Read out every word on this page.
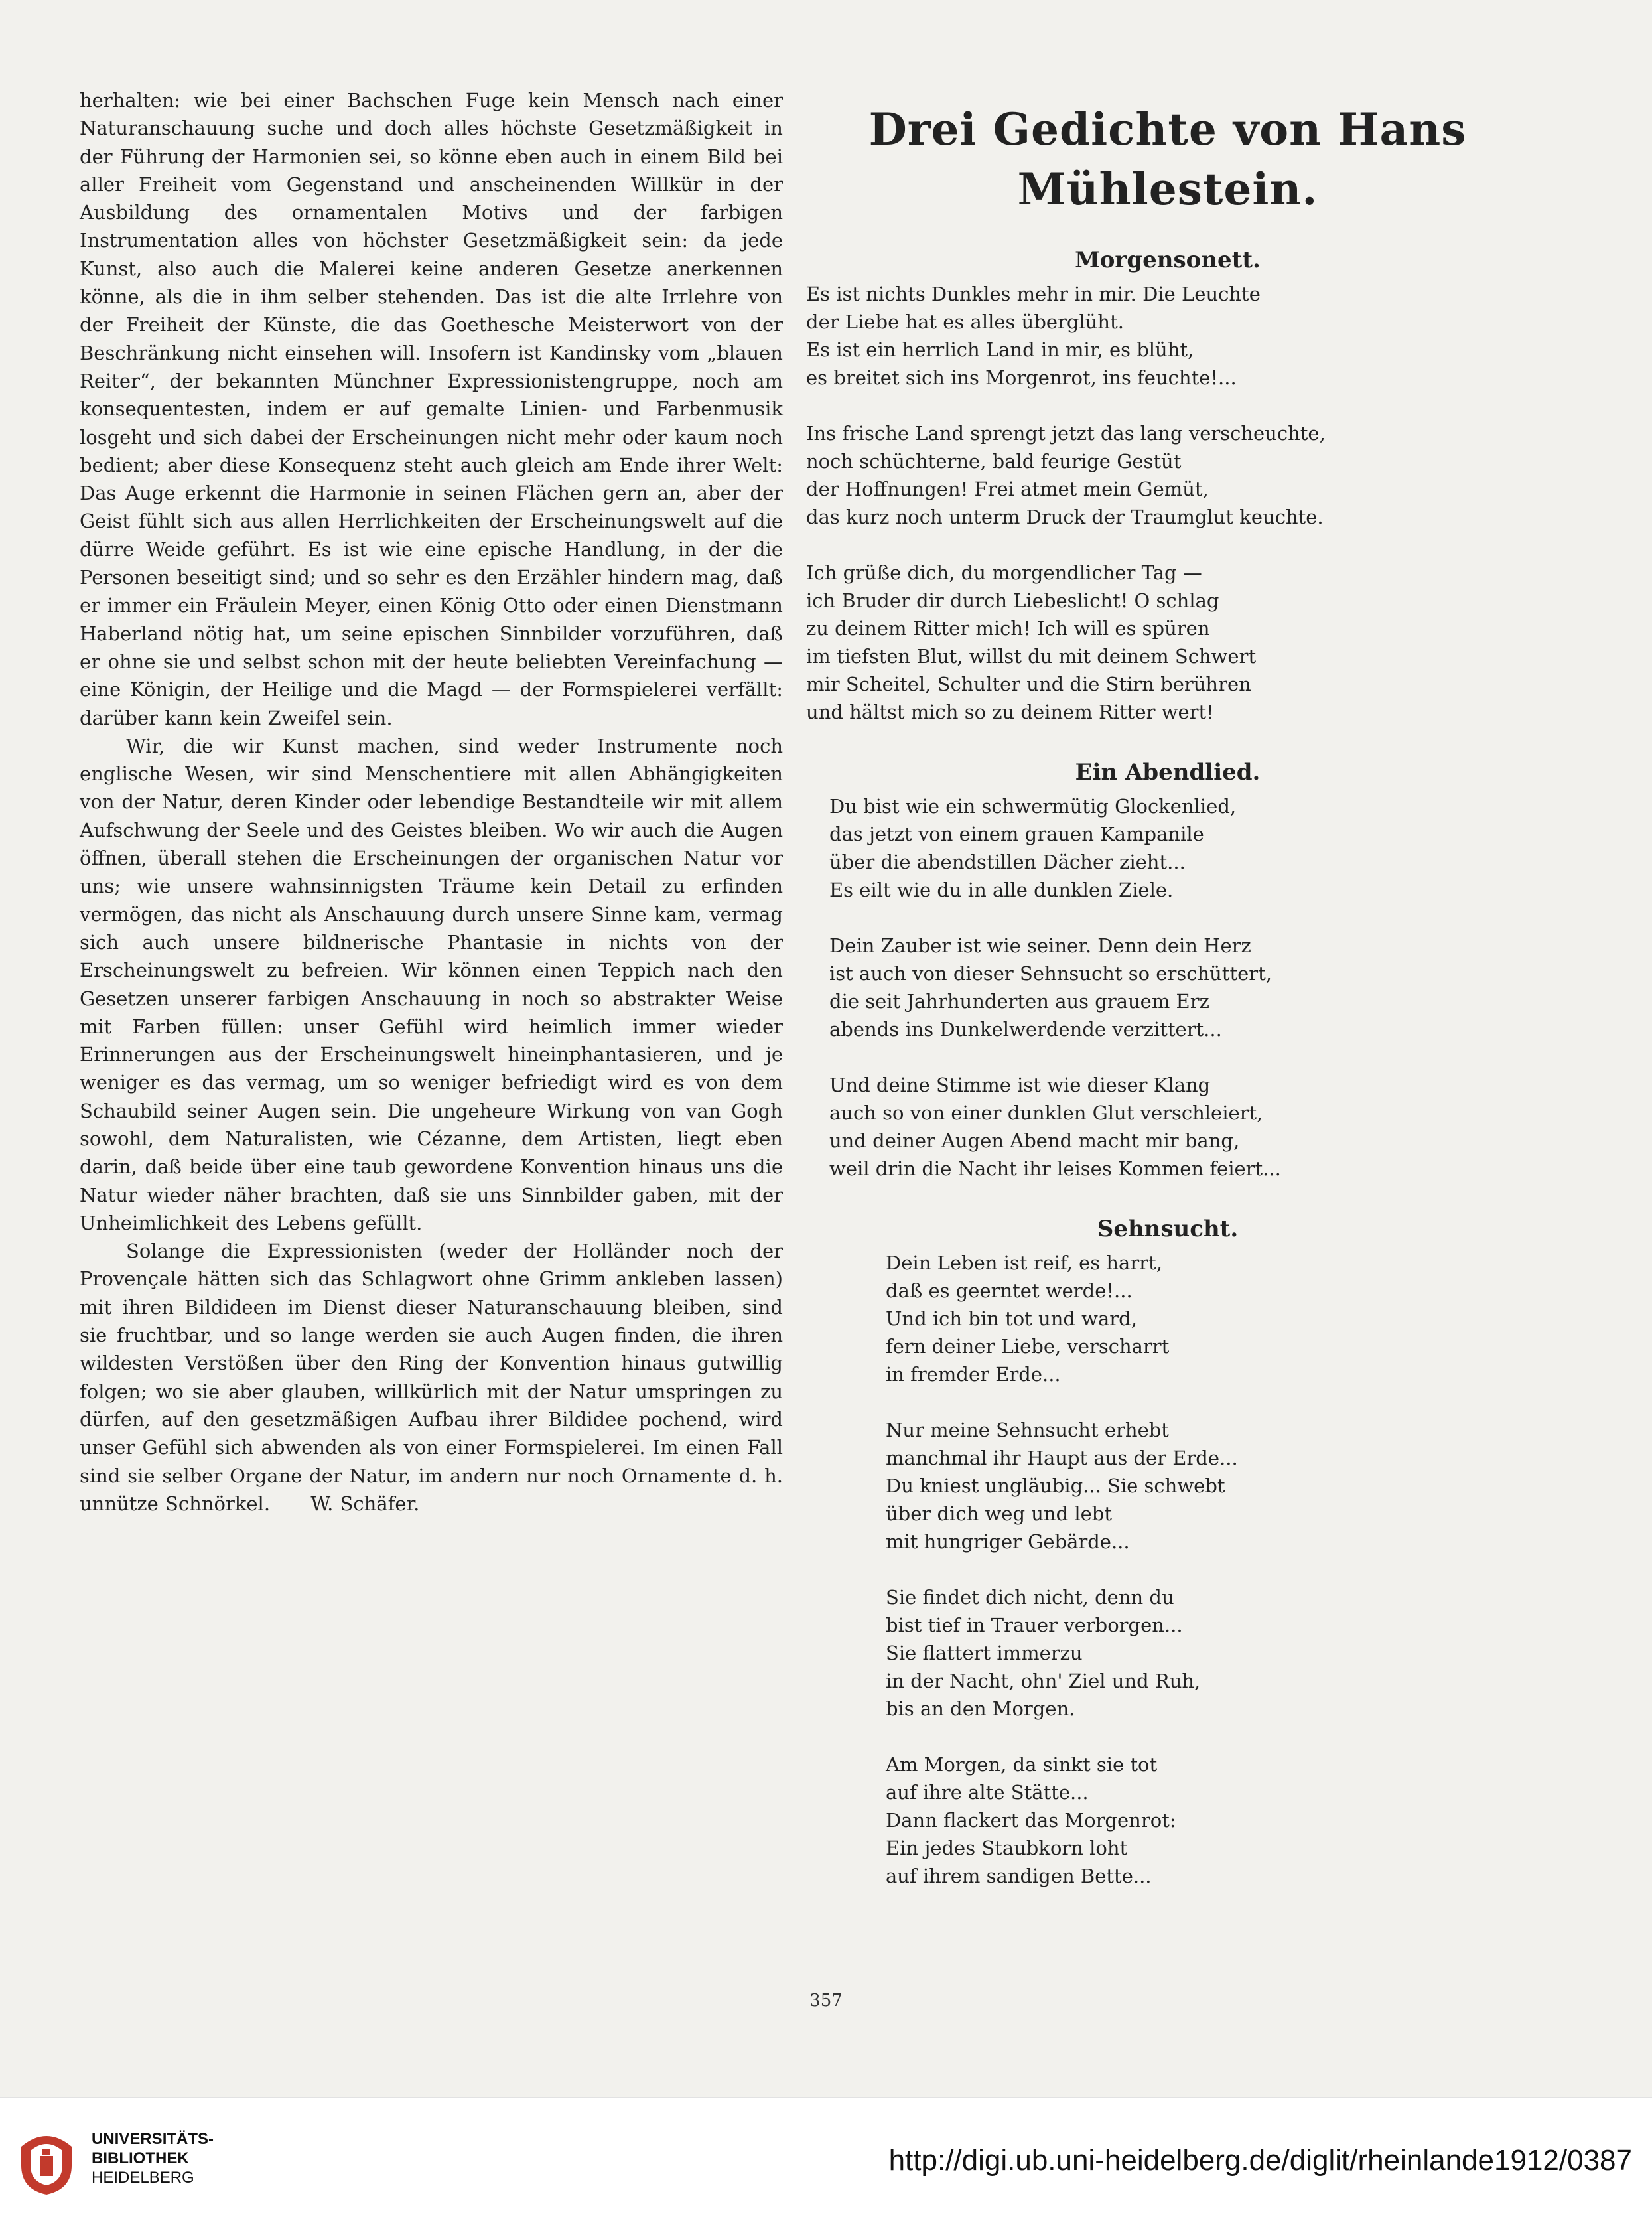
herhalten: wie bei einer Bachschen Fuge kein Mensch nach einer Naturanschauung suche und doch alles höchste Gesetzmäßigkeit in der Führung der Harmonien sei, so könne eben auch in einem Bild bei aller Freiheit vom Gegenstand und anscheinenden Willkür in der Ausbildung des ornamentalen Motivs und der farbigen Instrumentation alles von höchster Gesetzmäßigkeit sein: da jede Kunst, also auch die Malerei keine anderen Gesetze anerkennen könne, als die in ihm selber stehenden. Das ist die alte Irrlehre von der Freiheit der Künste, die das Goethesche Meisterwort von der Beschränkung nicht einsehen will. Insofern ist Kandinsky vom „blauen Reiter“, der bekannten Münchner Expressionistengruppe, noch am konsequentesten, indem er auf gemalte Linien- und Farbenmusik losgeht und sich dabei der Erscheinungen nicht mehr oder kaum noch bedient; aber diese Konsequenz steht auch gleich am Ende ihrer Welt: Das Auge erkennt die Harmonie in seinen Flächen gern an, aber der Geist fühlt sich aus allen Herrlichkeiten der Erscheinungswelt auf die dürre Weide geführt. Es ist wie eine epische Handlung, in der die Personen beseitigt sind; und so sehr es den Erzähler hindern mag, daß er immer ein Fräulein Meyer, einen König Otto oder einen Dienstmann Haberland nötig hat, um seine epischen Sinnbilder vorzuführen, daß er ohne sie und selbst schon mit der heute beliebten Vereinfachung — eine Königin, der Heilige und die Magd — der Formspielerei verfällt: darüber kann kein Zweifel sein.

Wir, die wir Kunst machen, sind weder Instrumente noch englische Wesen, wir sind Menschentiere mit allen Abhängigkeiten von der Natur, deren Kinder oder lebendige Bestandteile wir mit allem Aufschwung der Seele und des Geistes bleiben. Wo wir auch die Augen öffnen, überall stehen die Erscheinungen der organischen Natur vor uns; wie unsere wahnsinnigsten Träume kein Detail zu erfinden vermögen, das nicht als Anschauung durch unsere Sinne kam, vermag sich auch unsere bildnerische Phantasie in nichts von der Erscheinungswelt zu befreien. Wir können einen Teppich nach den Gesetzen unserer farbigen Anschauung in noch so abstrakter Weise mit Farben füllen: unser Gefühl wird heimlich immer wieder Erinnerungen aus der Erscheinungswelt hineinphantasieren, und je weniger es das vermag, um so weniger befriedigt wird es von dem Schaubild seiner Augen sein. Die ungeheure Wirkung von van Gogh sowohl, dem Naturalisten, wie Cézanne, dem Artisten, liegt eben darin, daß beide über eine taub gewordene Konvention hinaus uns die Natur wieder näher brachten, daß sie uns Sinnbilder gaben, mit der Unheimlichkeit des Lebens gefüllt.

Solange die Expressionisten (weder der Holländer noch der Provençale hätten sich das Schlagwort ohne Grimm ankleben lassen) mit ihren Bildideen im Dienst dieser Naturanschauung bleiben, sind sie fruchtbar, und so lange werden sie auch Augen finden, die ihren wildesten Verstößen über den Ring der Konvention hinaus gutwillig folgen; wo sie aber glauben, willkürlich mit der Natur umspringen zu dürfen, auf den gesetzmäßigen Aufbau ihrer Bildidee pochend, wird unser Gefühl sich abwenden als von einer Formspielerei. Im einen Fall sind sie selber Organe der Natur, im andern nur noch Ornamente d. h. unnütze Schnörkel. W. Schäfer.

Drei Gedichte von Hans Mühlestein.
Morgensonett.
Es ist nichts Dunkles mehr in mir. Die Leuchte
der Liebe hat es alles überglüht.
Es ist ein herrlich Land in mir, es blüht,
es breitet sich ins Morgenrot, ins feuchte!...
Ins frische Land sprengt jetzt das lang verscheuchte,
noch schüchterne, bald feurige Gestüt
der Hoffnungen! Frei atmet mein Gemüt,
das kurz noch unterm Druck der Traumglut keuchte.
Ich grüße dich, du morgendlicher Tag —
ich Bruder dir durch Liebeslicht! O schlag
zu deinem Ritter mich! Ich will es spüren
im tiefsten Blut, willst du mit deinem Schwert
mir Scheitel, Schulter und die Stirn berühren
und hältst mich so zu deinem Ritter wert!
Ein Abendlied.
Du bist wie ein schwermütig Glockenlied,
das jetzt von einem grauen Kampanile
über die abendstillen Dächer zieht...
Es eilt wie du in alle dunklen Ziele.
Dein Zauber ist wie seiner. Denn dein Herz
ist auch von dieser Sehnsucht so erschüttert,
die seit Jahrhunderten aus grauem Erz
abends ins Dunkelwerdende verzittert...
Und deine Stimme ist wie dieser Klang
auch so von einer dunklen Glut verschleiert,
und deiner Augen Abend macht mir bang,
weil drin die Nacht ihr leises Kommen feiert...
Sehnsucht.
Dein Leben ist reif, es harrt,
daß es geerntet werde!...
Und ich bin tot und ward,
fern deiner Liebe, verscharrt
in fremder Erde...
Nur meine Sehnsucht erhebt
manchmal ihr Haupt aus der Erde...
Du kniest ungläubig... Sie schwebt
über dich weg und lebt
mit hungriger Gebärde...
Sie findet dich nicht, denn du
bist tief in Trauer verborgen...
Sie flattert immerzu
in der Nacht, ohn' Ziel und Ruh,
bis an den Morgen.
Am Morgen, da sinkt sie tot
auf ihre alte Stätte...
Dann flackert das Morgenrot:
Ein jedes Staubkorn loht
auf ihrem sandigen Bette...
357
UNIVERSITÄTS-
BIBLIOTHEK
HEIDELBERG
http://digi.ub.uni-heidelberg.de/diglit/rheinlande1912/0387
